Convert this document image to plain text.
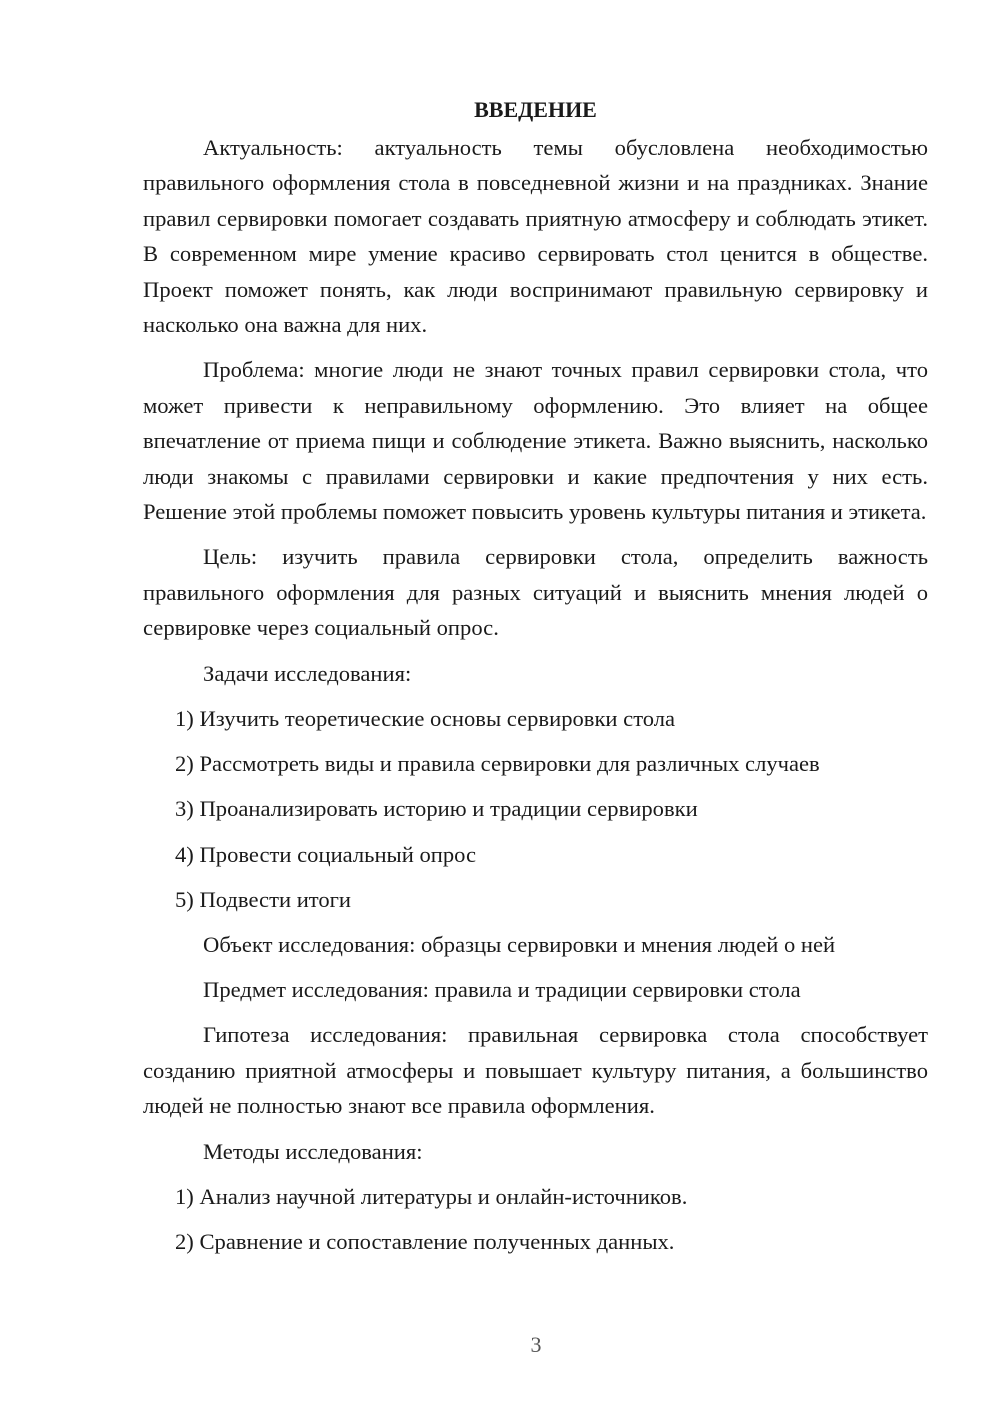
ВВЕДЕНИЕ

Актуальность: актуальность темы обусловлена необходимостью правильного оформления стола в повседневной жизни и на праздниках. Знание правил сервировки помогает создавать приятную атмосферу и соблюдать этикет. В современном мире умение красиво сервировать стол ценится в обществе. Проект поможет понять, как люди воспринимают правильную сервировку и насколько она важна для них.

Проблема: многие люди не знают точных правил сервировки стола, что может привести к неправильному оформлению. Это влияет на общее впечатление от приема пищи и соблюдение этикета. Важно выяснить, насколько люди знакомы с правилами сервировки и какие предпочтения у них есть. Решение этой проблемы поможет повысить уровень культуры питания и этикета.

Цель: изучить правила сервировки стола, определить важность правильного оформления для разных ситуаций и выяснить мнения людей о сервировке через социальный опрос.

Задачи исследования:
1) Изучить теоретические основы сервировки стола
2) Рассмотреть виды и правила сервировки для различных случаев
3) Проанализировать историю и традиции сервировки
4) Провести социальный опрос
5) Подвести итоги
Объект исследования: образцы сервировки и мнения людей о ней
Предмет исследования: правила и традиции сервировки стола

Гипотеза исследования: правильная сервировка стола способствует созданию приятной атмосферы и повышает культуру питания, а большинство людей не полностью знают все правила оформления.

Методы исследования:
1) Анализ научной литературы и онлайн-источников.
2) Сравнение и сопоставление полученных данных.
3
